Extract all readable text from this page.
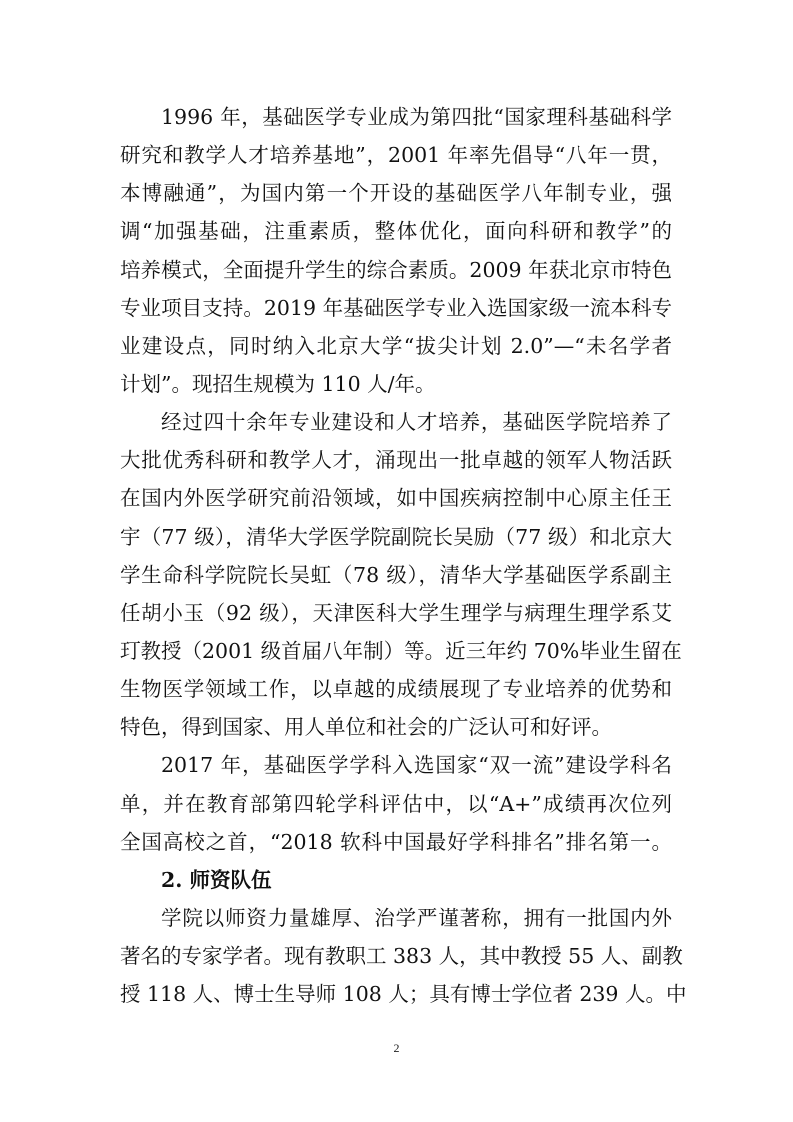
1996 年，基础医学专业成为第四批“国家理科基础科学
研究和教学人才培养基地”，2001 年率先倡导“八年一贯，
本博融通”，为国内第一个开设的基础医学八年制专业，强
调“加强基础，注重素质，整体优化，面向科研和教学”的
培养模式，全面提升学生的综合素质。2009 年获北京市特色
专业项目支持。2019 年基础医学专业入选国家级一流本科专
业建设点，同时纳入北京大学“拔尖计划 2.0”—“未名学者
计划”。现招生规模为 110 人/年。
经过四十余年专业建设和人才培养，基础医学院培养了
大批优秀科研和教学人才，涌现出一批卓越的领军人物活跃
在国内外医学研究前沿领域，如中国疾病控制中心原主任王
宇（77 级），清华大学医学院副院长吴励（77 级）和北京大
学生命科学院院长吴虹（78 级），清华大学基础医学系副主
任胡小玉（92 级），天津医科大学生理学与病理生理学系艾
玎教授（2001 级首届八年制）等。近三年约 70%毕业生留在
生物医学领域工作，以卓越的成绩展现了专业培养的优势和
特色，得到国家、用人单位和社会的广泛认可和好评。
2017 年，基础医学学科入选国家“双一流”建设学科名
单，并在教育部第四轮学科评估中，以“A+”成绩再次位列
全国高校之首，“2018 软科中国最好学科排名”排名第一。
2. 师资队伍
学院以师资力量雄厚、治学严谨著称，拥有一批国内外
著名的专家学者。现有教职工 383 人，其中教授 55 人、副教
授 118 人、博士生导师 108 人；具有博士学位者 239 人。中
2
